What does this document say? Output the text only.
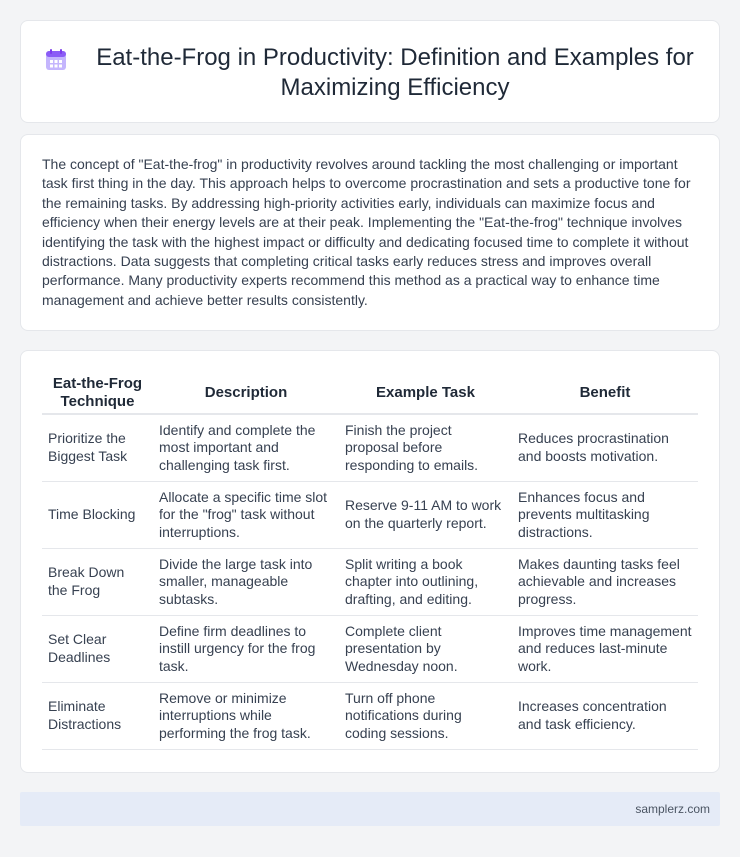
Eat-the-Frog in Productivity: Definition and Examples for Maximizing Efficiency

The concept of "Eat-the-frog" in productivity revolves around tackling the most challenging or important task first thing in the day. This approach helps to overcome procrastination and sets a productive tone for the remaining tasks. By addressing high-priority activities early, individuals can maximize focus and efficiency when their energy levels are at their peak. Implementing the "Eat-the-frog" technique involves identifying the task with the highest impact or difficulty and dedicating focused time to complete it without distractions. Data suggests that completing critical tasks early reduces stress and improves overall performance. Many productivity experts recommend this method as a practical way to enhance time management and achieve better results consistently.

Eat-the-Frog Technique	Description	Example Task	Benefit
Prioritize the Biggest Task	Identify and complete the most important and challenging task first.	Finish the project proposal before responding to emails.	Reduces procrastination and boosts motivation.
Time Blocking	Allocate a specific time slot for the "frog" task without interruptions.	Reserve 9-11 AM to work on the quarterly report.	Enhances focus and prevents multitasking distractions.
Break Down the Frog	Divide the large task into smaller, manageable subtasks.	Split writing a book chapter into outlining, drafting, and editing.	Makes daunting tasks feel achievable and increases progress.
Set Clear Deadlines	Define firm deadlines to instill urgency for the frog task.	Complete client presentation by Wednesday noon.	Improves time management and reduces last-minute work.
Eliminate Distractions	Remove or minimize interruptions while performing the frog task.	Turn off phone notifications during coding sessions.	Increases concentration and task efficiency.
samplerz.com
